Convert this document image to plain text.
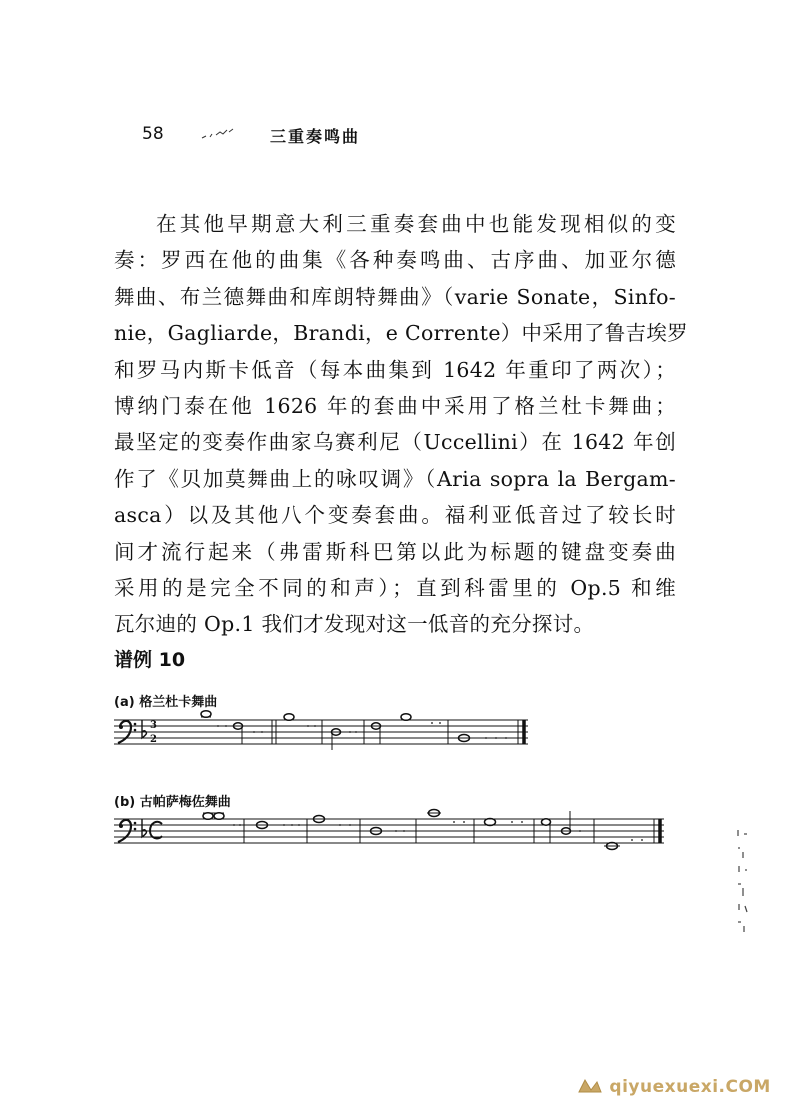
58	三重奏鸣曲
在其他早期意大利三重奏套曲中也能发现相似的变
奏：罗西在他的曲集《各种奏鸣曲、古序曲、加亚尔德
舞曲、布兰德舞曲和库朗特舞曲》（varie Sonate，Sinfo-
nie，Gagliarde，Brandi，e Corrente）中采用了鲁吉埃罗
和罗马内斯卡低音（每本曲集到 1642 年重印了两次）；
博纳门泰在他 1626 年的套曲中采用了格兰杜卡舞曲；
最坚定的变奏作曲家乌赛利尼（Uccellini）在 1642 年创
作了《贝加莫舞曲上的咏叹调》（Aria sopra la Bergam-
asca）以及其他八个变奏套曲。福利亚低音过了较长时
间才流行起来（弗雷斯科巴第以此为标题的键盘变奏曲
采用的是完全不同的和声）；直到科雷里的 Op.5 和维
瓦尔迪的 Op.1 我们才发现对这一低音的充分探讨。
谱例 10
(a) 格兰杜卡舞曲
3
2
(b) 古帕萨梅佐舞曲
qiyuexuexi.COM
